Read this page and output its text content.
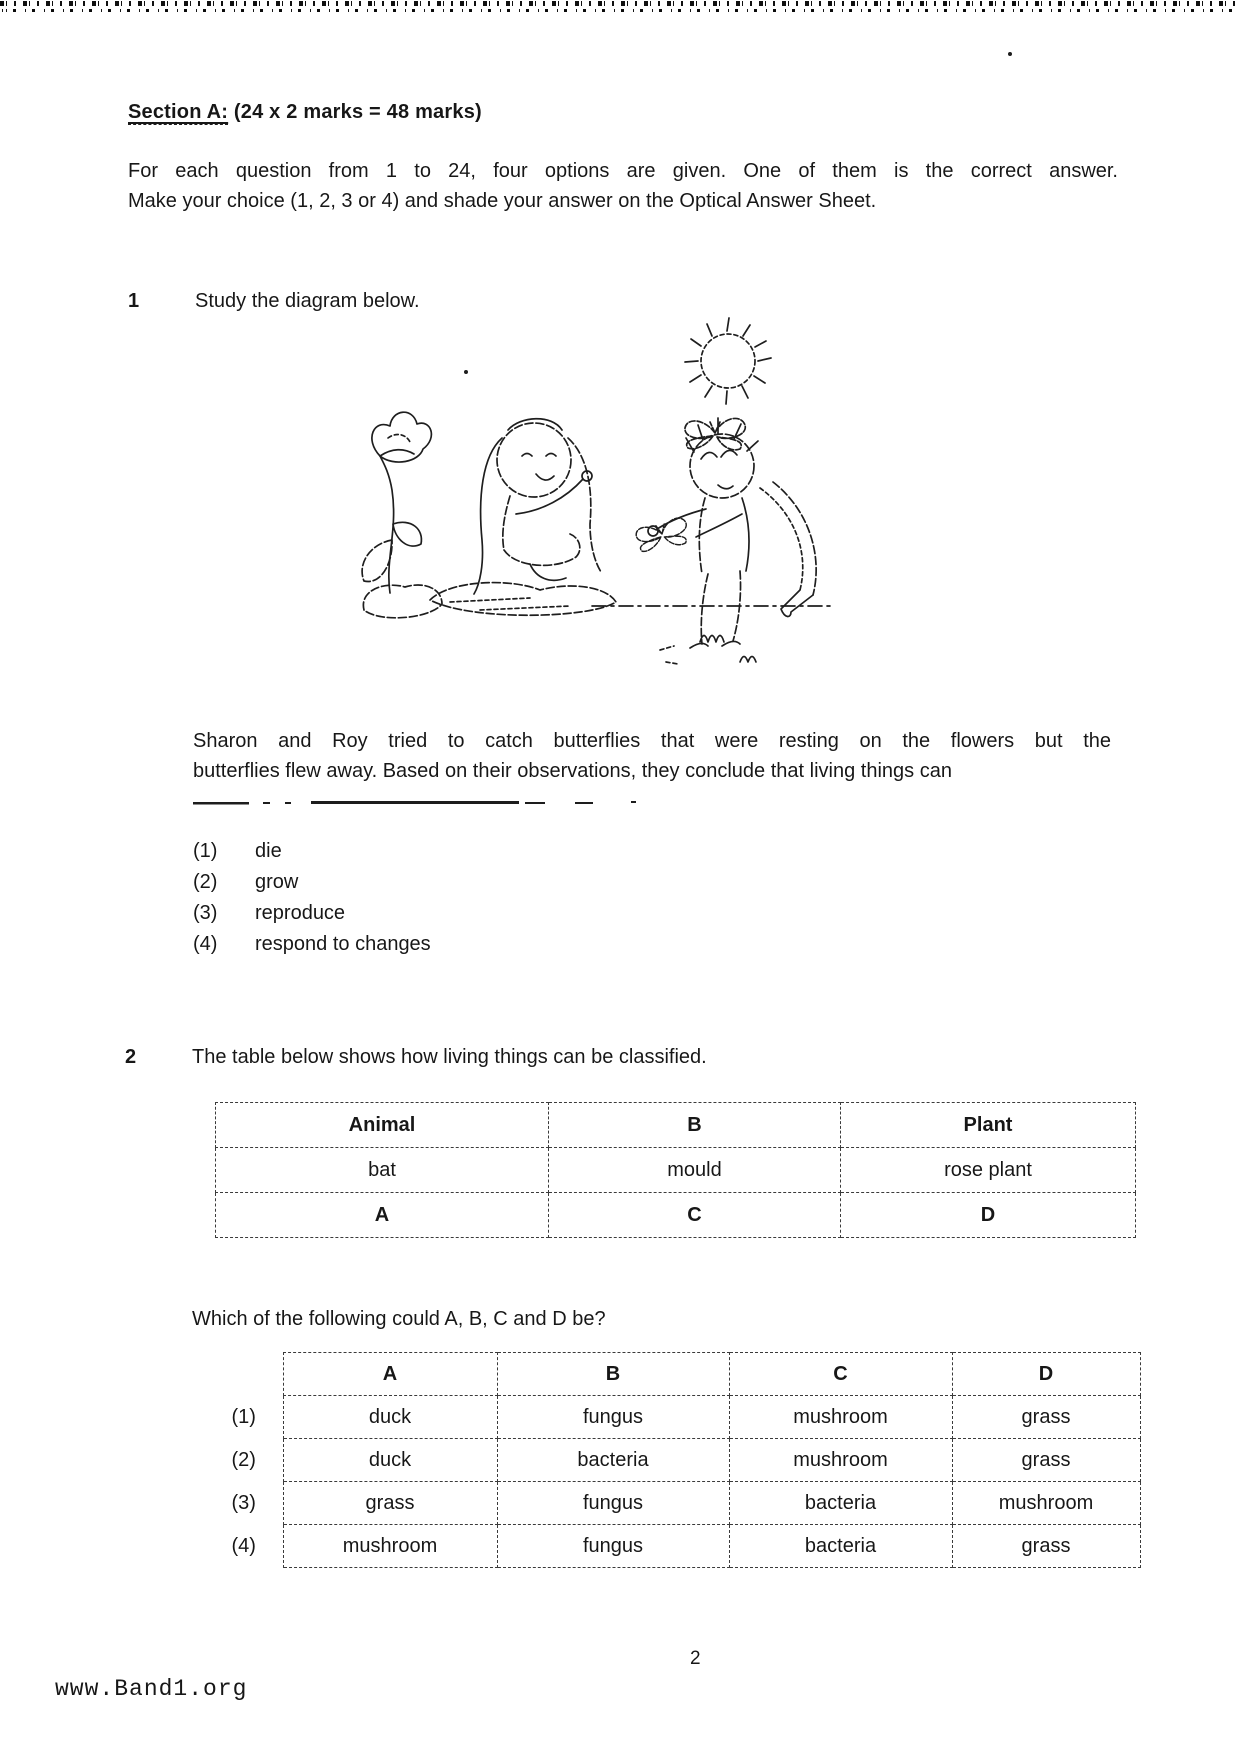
Section A: (24 x 2 marks = 48 marks)
For each question from 1 to 24, four options are given. One of them is the correct answer.
Make your choice (1, 2, 3 or 4) and shade your answer on the Optical Answer Sheet.
1	Study the diagram below.
Sharon and Roy tried to catch butterflies that were resting on the flowers but the
butterflies flew away. Based on their observations, they conclude that living things can
(1)	die
(2)	grow
(3)	reproduce
(4)	respond to changes
2	The table below shows how living things can be classified.
Animal	B	Plant
bat	mould	rose plant
A	C	D
Which of the following could A, B, C and D be?
	A	B	C	D
(1)	duck	fungus	mushroom	grass
(2)	duck	bacteria	mushroom	grass
(3)	grass	fungus	bacteria	mushroom
(4)	mushroom	fungus	bacteria	grass
2
www.Band1.org
